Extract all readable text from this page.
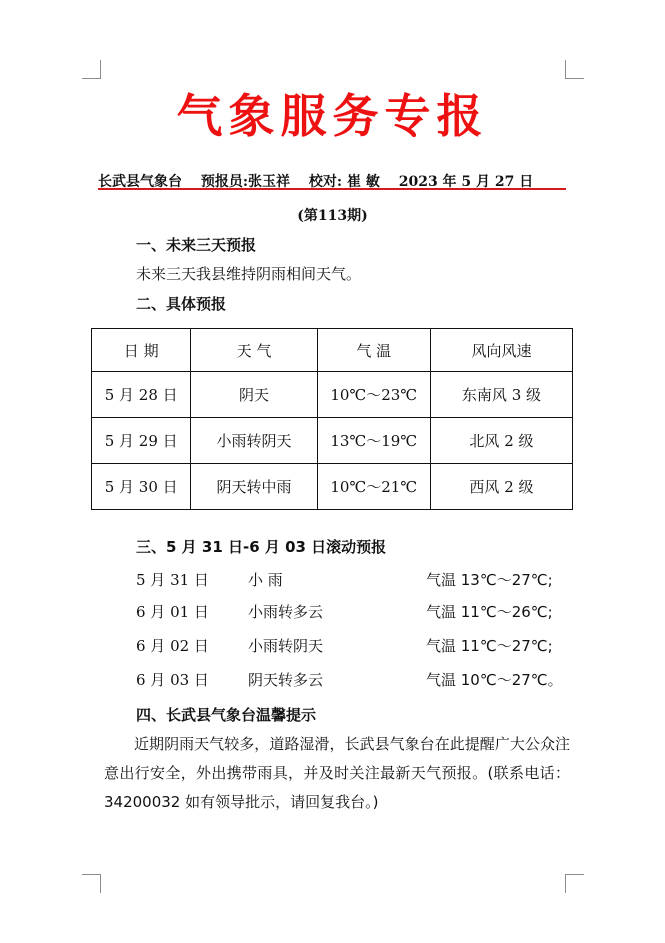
气象服务专报
长武县气象台 预报员:张玉祥 校对: 崔 敏 2023 年 5 月 27 日
(第113期)
一、未来三天预报
未来三天我县维持阴雨相间天气。
二、具体预报
日 期	天 气	气 温	风向风速
5 月 28 日	阴天	10℃～23℃	东南风 3 级
5 月 29 日	小雨转阴天	13℃～19℃	北风 2 级
5 月 30 日	阴天转中雨	10℃～21℃	西风 2 级
三、5 月 31 日-6 月 03 日滚动预报
5 月 31 日	小 雨	气温 13℃～27℃;
6 月 01 日	小雨转多云	气温 11℃～26℃;
6 月 02 日	小雨转阴天	气温 11℃～27℃;
6 月 03 日	阴天转多云	气温 10℃～27℃。
四、长武县气象台温馨提示
近期阴雨天气较多，道路湿滑，长武县气象台在此提醒广大公众注意出行安全，外出携带雨具，并及时关注最新天气预报。(联系电话：34200032 如有领导批示，请回复我台。)
